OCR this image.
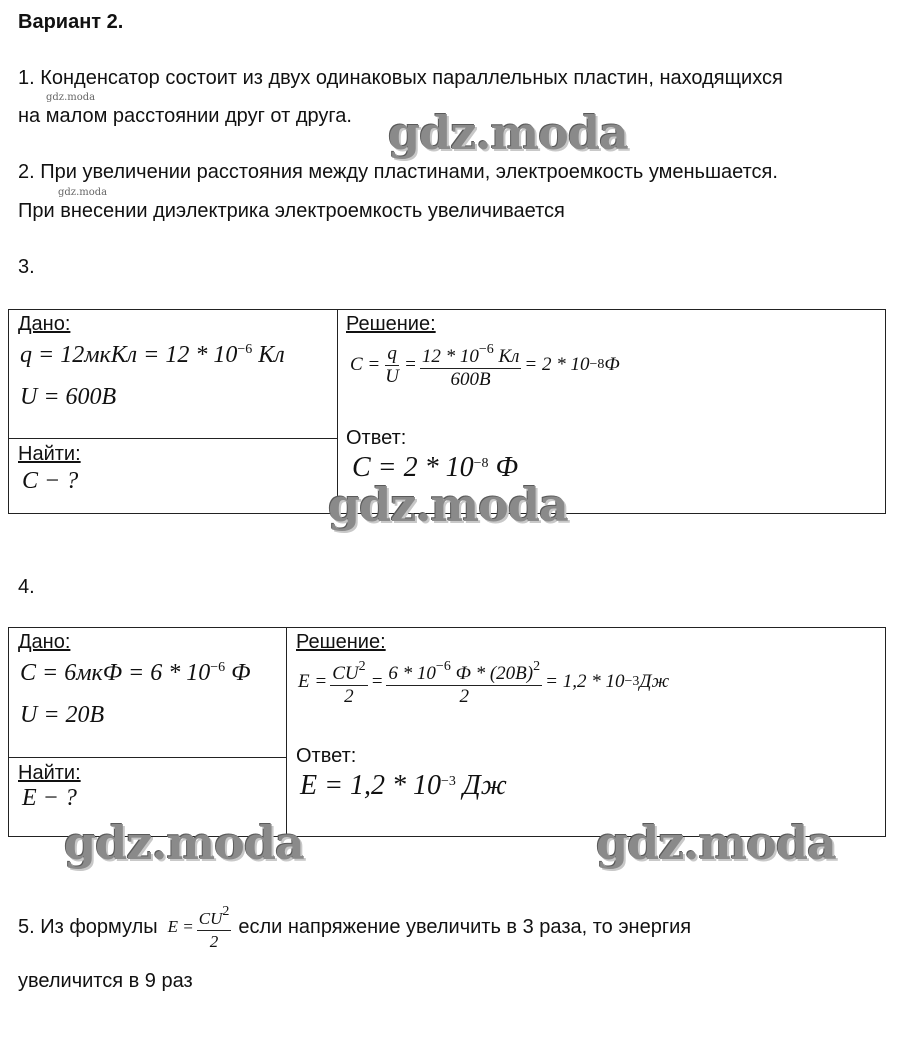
Вариант 2.
1. Конденсатор состоит из двух одинаковых параллельных пластин, находящихся
на малом расстоянии друг от друга.
2. При увеличении расстояния между пластинами, электроемкость уменьшается.
При внесении диэлектрика электроемкость увеличивается
3.
Дано:
q = 12мкКл = $12 * 10^{-6}$ Кл
U = 600B
Найти:
C − ?
Решение:
$C = \frac{q}{U} = \frac{12 * 10^{-6} Кл}{600B} = 2 * 10 -8$ Ф
Ответ:
$C = 2 * 10^{-8}$ Ф
4.
Дано:
$C = 6мкФ = 6 * 10^{-6}$ Ф
U = 20B
Найти:
E − ?
Решение:
$E = \frac{CU^2}{2} = \frac{6 * 10^{-6} Ф * (20B)^2}{2} = 1,2 * 10 -3$ Дж
Ответ:
$E = 1,2 * 10^{-3}$ Дж
5. Из формулы $E = \frac{CU^2}{2}$ если напряжение увеличить в 3 раза, то энергия
увеличится в 9 раз
gdz.moda
gdz.moda
gdz.moda
gdz.moda
gdz.moda	gdz.moda
